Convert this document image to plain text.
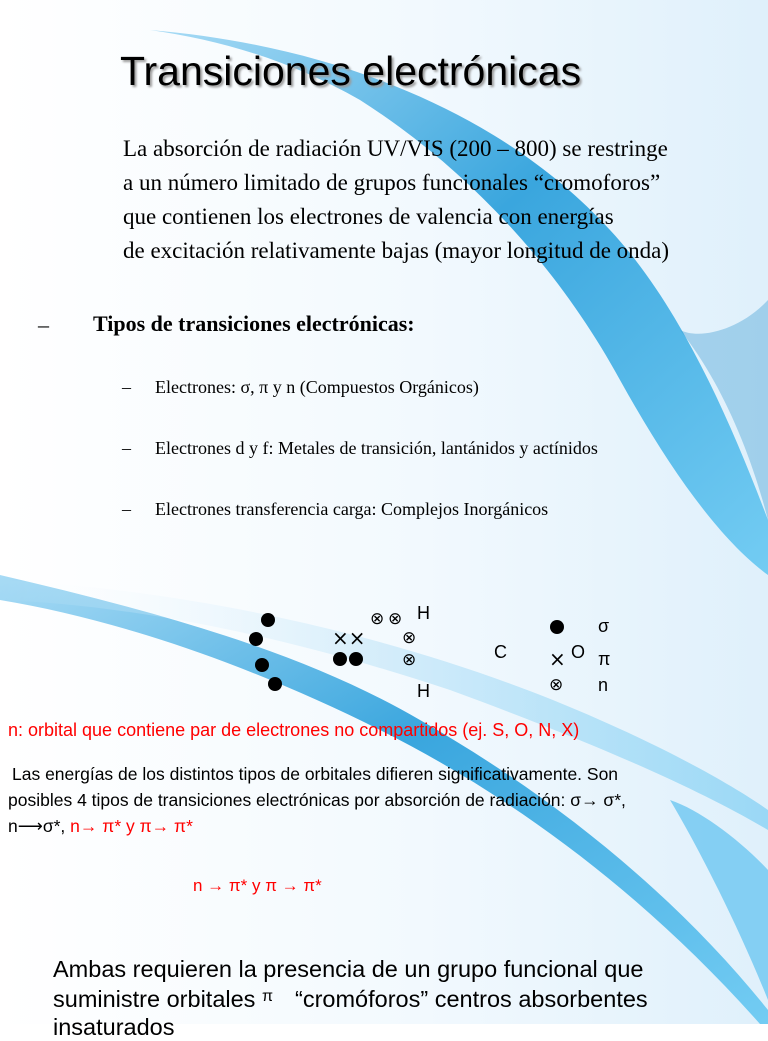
Transiciones electrónicas
La absorción de radiación UV/VIS (200 – 800) se restringe
a un número limitado de grupos funcionales “cromoforos”
que contienen los electrones de valencia con energías
de excitación relativamente bajas (mayor longitud de onda)
– Tipos de transiciones electrónicas:
– Electrones: σ, π y n (Compuestos Orgánicos)
– Electrones d y f: Metales de transición, lantánidos y actínidos
– Electrones transferencia carga: Complejos Inorgánicos
××
×
⊗ ⊗
⊗
⊗
⊗
H
H
C	O
σ
π
n
n: orbital que contiene par de electrones no compartidos (ej. S, O, N, X)
Las energías de los distintos tipos de orbitales difieren significativamente. Son
posibles 4 tipos de transiciones electrónicas por absorción de radiación: σ→ σ*,
n⟶σ*, n→ π* y π→ π*
n → π* y π → π*
Ambas requieren la presencia de un grupo funcional que
suministre orbitales $^\pi$ “cromóforos” centros absorbentes
insaturados
